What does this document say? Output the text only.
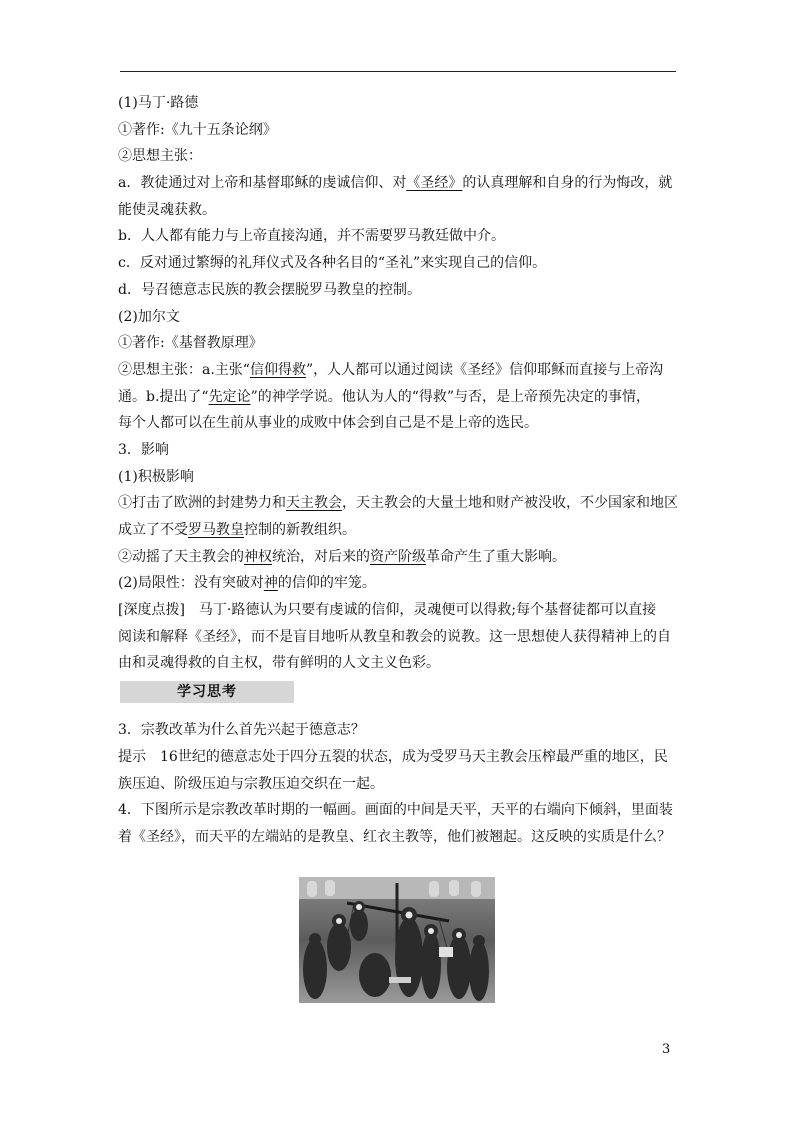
(1)马丁·路德
①著作:《九十五条论纲》
②思想主张：
a．教徒通过对上帝和基督耶稣的虔诚信仰、对《圣经》的认真理解和自身的行为悔改，就
能使灵魂获救。
b．人人都有能力与上帝直接沟通，并不需要罗马教廷做中介。
c．反对通过繁缛的礼拜仪式及各种名目的“圣礼”来实现自己的信仰。
d．号召德意志民族的教会摆脱罗马教皇的控制。
(2)加尔文
①著作:《基督教原理》
②思想主张：a.主张“信仰得救”，人人都可以通过阅读《圣经》信仰耶稣而直接与上帝沟
通。b.提出了“先定论”的神学学说。他认为人的“得救”与否，是上帝预先决定的事情，
每个人都可以在生前从事业的成败中体会到自己是不是上帝的选民。
3．影响
(1)积极影响
①打击了欧洲的封建势力和天主教会，天主教会的大量土地和财产被没收，不少国家和地区
成立了不受罗马教皇控制的新教组织。
②动摇了天主教会的神权统治，对后来的资产阶级革命产生了重大影响。
(2)局限性：没有突破对神的信仰的牢笼。
[深度点拨]　马丁·路德认为只要有虔诚的信仰，灵魂便可以得救;每个基督徒都可以直接
阅读和解释《圣经》，而不是盲目地听从教皇和教会的说教。这一思想使人获得精神上的自
由和灵魂得救的自主权，带有鲜明的人文主义色彩。
学习思考
3．宗教改革为什么首先兴起于德意志？
提示　16世纪的德意志处于四分五裂的状态，成为受罗马天主教会压榨最严重的地区，民
族压迫、阶级压迫与宗教压迫交织在一起。
4．下图所示是宗教改革时期的一幅画。画面的中间是天平，天平的右端向下倾斜，里面装
着《圣经》，而天平的左端站的是教皇、红衣主教等，他们被翘起。这反映的实质是什么？
3
